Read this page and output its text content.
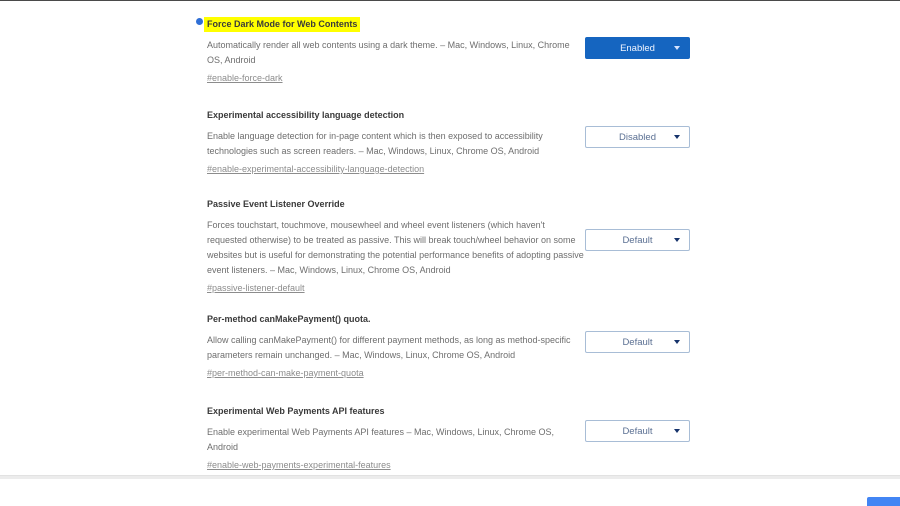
Force Dark Mode for Web Contents
Automatically render all web contents using a dark theme. – Mac, Windows, Linux, Chrome OS, Android
#enable-force-dark
Enabled
Experimental accessibility language detection
Enable language detection for in-page content which is then exposed to accessibility technologies such as screen readers. – Mac, Windows, Linux, Chrome OS, Android
#enable-experimental-accessibility-language-detection
Disabled
Passive Event Listener Override
Forces touchstart, touchmove, mousewheel and wheel event listeners (which haven't requested otherwise) to be treated as passive. This will break touch/wheel behavior on some websites but is useful for demonstrating the potential performance benefits of adopting passive event listeners. – Mac, Windows, Linux, Chrome OS, Android
#passive-listener-default
Default
Per-method canMakePayment() quota.
Allow calling canMakePayment() for different payment methods, as long as method-specific parameters remain unchanged. – Mac, Windows, Linux, Chrome OS, Android
#per-method-can-make-payment-quota
Default
Experimental Web Payments API features
Enable experimental Web Payments API features – Mac, Windows, Linux, Chrome OS, Android
#enable-web-payments-experimental-features
Default
